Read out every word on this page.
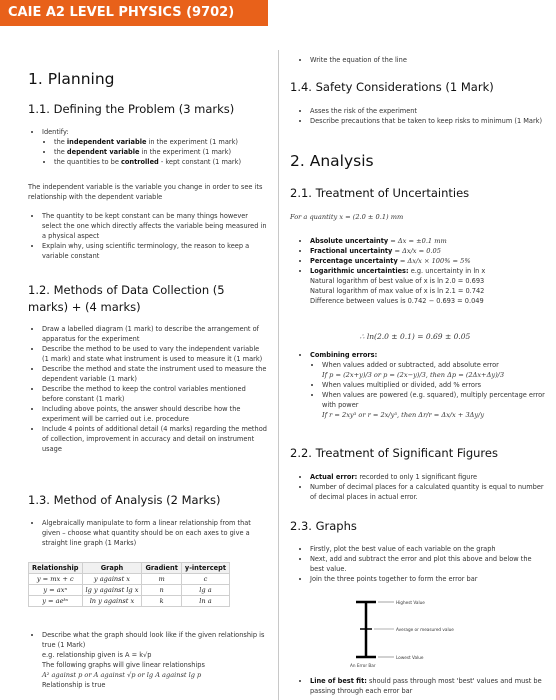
CAIE A2 LEVEL PHYSICS (9702)
1. Planning
1.1. Defining the Problem (3 marks)
• Identify:
• the independent variable in the experiment (1 mark)
• the dependent variable in the experiment (1 mark)
• the quantities to be controlled - kept constant (1 mark)
The independent variable is the variable you change in order to see its relationship with the dependent variable
• The quantity to be kept constant can be many things however select the one which directly affects the variable being measured in a physical aspect
• Explain why, using scientific terminology, the reason to keep a variable constant
1.2. Methods of Data Collection (5 marks) + (4 marks)
• Draw a labelled diagram (1 mark) to describe the arrangement of apparatus for the experiment
• Describe the method to be used to vary the independent variable (1 mark) and state what instrument is used to measure it (1 mark)
• Describe the method and state the instrument used to measure the dependent variable (1 mark)
• Describe the method to keep the control variables mentioned before constant (1 mark)
• Including above points, the answer should describe how the experiment will be carried out i.e. procedure
• Include 4 points of additional detail (4 marks) regarding the method of collection, improvement in accuracy and detail on instrument usage
1.3. Method of Analysis (2 Marks)
• Algebraically manipulate to form a linear relationship from that given – choose what quantity should be on each axes to give a straight line graph (1 Marks)
Relationship	Graph	Gradient	y-intercept
y = mx + c	y against x	m	c
y = axⁿ	lg y against lg x	n	lg a
y = aeᵏˣ	ln y against x	k	ln a
• Describe what the graph should look like if the given relationship is true (1 Mark)
e.g. relationship given is A = k√p
The following graphs will give linear relationships
A² against p or A against √p or lg A against lg p
Relationship is true
• Write the equation of the line
1.4. Safety Considerations (1 Mark)
• Asses the risk of the experiment
• Describe precautions that be taken to keep risks to minimum (1 Mark)
2. Analysis
2.1. Treatment of Uncertainties
For a quantity x = (2.0 ± 0.1) mm
• Absolute uncertainty = Δx = ±0.1 mm
• Fractional uncertainty = Δx/x = 0.05
• Percentage uncertainty = Δx/x × 100% = 5%
• Logarithmic uncertainties: e.g. uncertainty in ln x
Natural logarithm of best value of x is ln 2.0 = 0.693
Natural logarithm of max value of x is ln 2.1 = 0.742
Difference between values is 0.742 − 0.693 = 0.049
∴ ln(2.0 ± 0.1) = 0.69 ± 0.05
• Combining errors:
• When values added or subtracted, add absolute error
If p = (2x+y)/3 or p = (2x−y)/3, then Δp = (2Δx+Δy)/3
• When values multiplied or divided, add % errors
• When values are powered (e.g. squared), multiply percentage error with power
If r = 2xy³ or r = 2x/y³, then Δr/r = Δx/x + 3Δy/y
2.2. Treatment of Significant Figures
• Actual error: recorded to only 1 significant figure
• Number of decimal places for a calculated quantity is equal to number of decimal places in actual error.
2.3. Graphs
• Firstly, plot the best value of each variable on the graph
• Next, add and subtract the error and plot this above and below the best value.
• Join the three points together to form the error bar
Highest Value
Average or measured value
Lowest Value
An Error Bar
• Line of best fit: should pass through most 'best' values and must be passing through each error bar
